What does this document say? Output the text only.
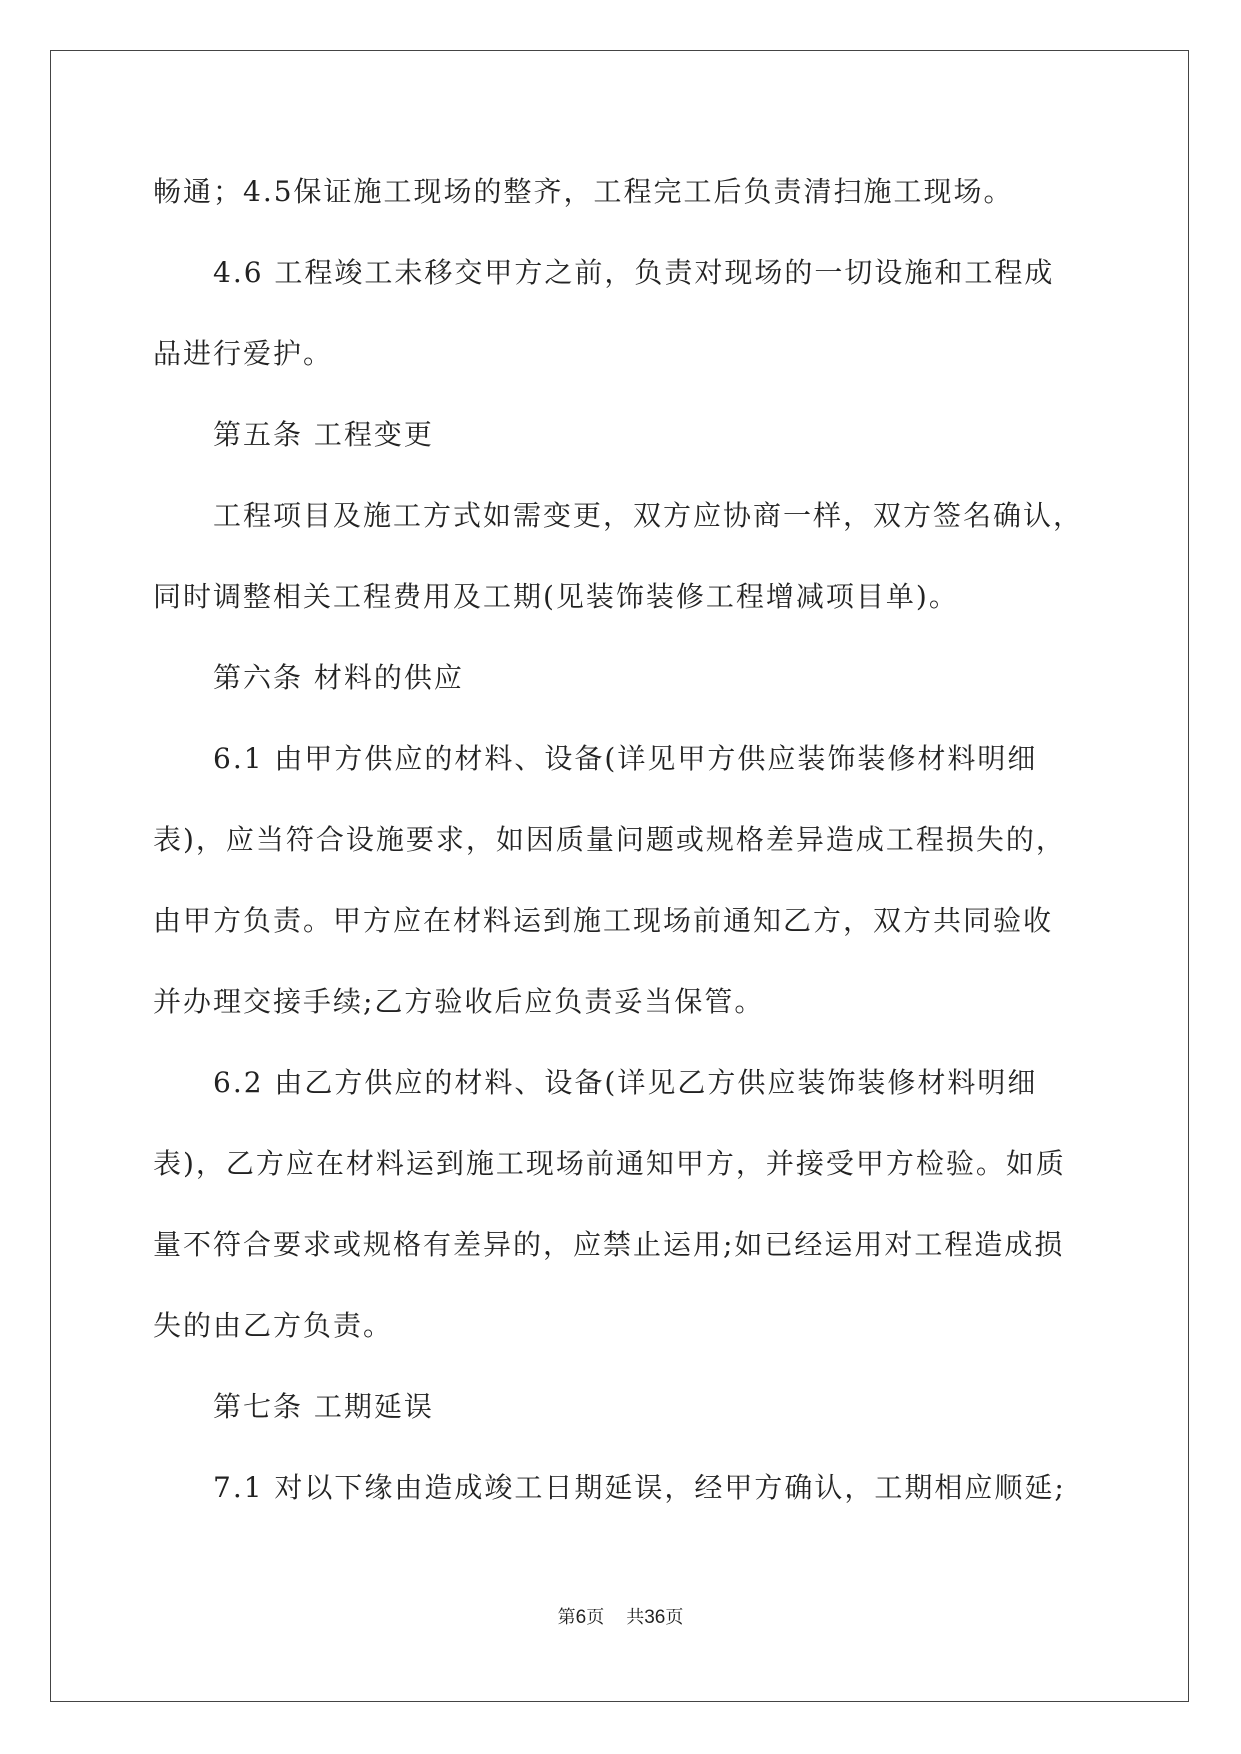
畅通；4.5保证施工现场的整齐，工程完工后负责清扫施工现场。
4.6 工程竣工未移交甲方之前，负责对现场的一切设施和工程成
品进行爱护。
第五条 工程变更
工程项目及施工方式如需变更，双方应协商一样，双方签名确认，
同时调整相关工程费用及工期(见装饰装修工程增减项目单)。
第六条 材料的供应
6.1 由甲方供应的材料、设备(详见甲方供应装饰装修材料明细
表)，应当符合设施要求，如因质量问题或规格差异造成工程损失的，
由甲方负责。甲方应在材料运到施工现场前通知乙方，双方共同验收
并办理交接手续;乙方验收后应负责妥当保管。
6.2 由乙方供应的材料、设备(详见乙方供应装饰装修材料明细
表)，乙方应在材料运到施工现场前通知甲方，并接受甲方检验。如质
量不符合要求或规格有差异的，应禁止运用;如已经运用对工程造成损
失的由乙方负责。
第七条 工期延误
7.1 对以下缘由造成竣工日期延误，经甲方确认，工期相应顺延;
第6页 共36页
